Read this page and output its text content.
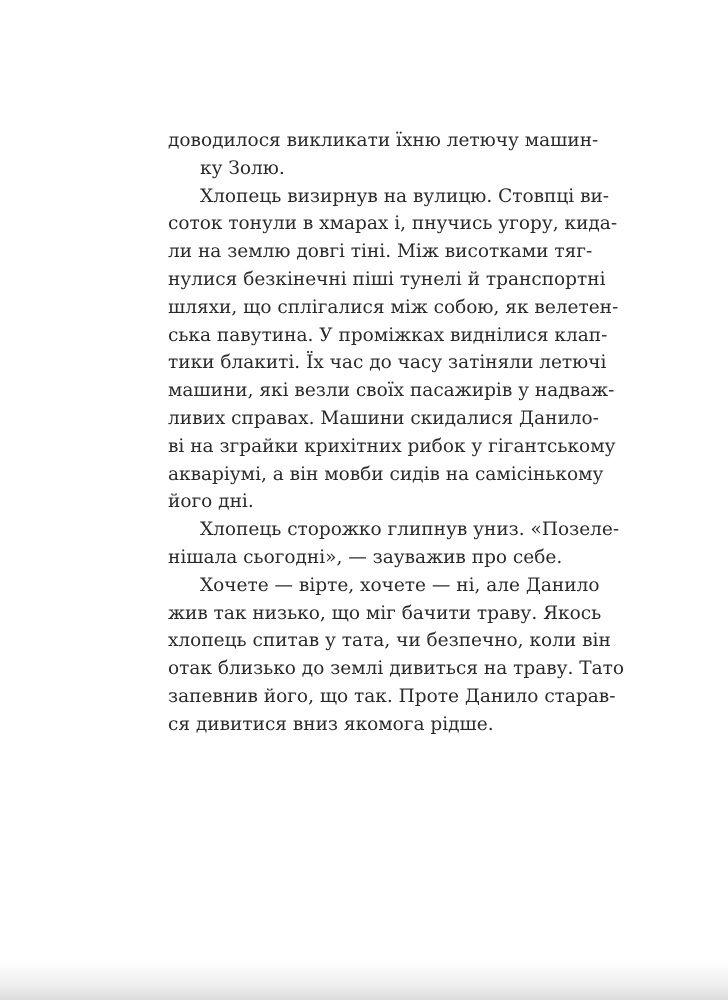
доводилося викликати їхню летючу машин-
ку Золю.
Хлопець визирнув на вулицю. Стовпці ви-
соток тонули в хмарах і, пнучись угору, кида-
ли на землю довгі тіні. Між висотками тяг-
нулися безкінечні піші тунелі й транспортні
шляхи, що сплігалися між собою, як велетен-
ська павутина. У проміжках виднілися клап-
тики блакиті. Їх час до часу затіняли летючі
машини, які везли своїх пасажирів у надваж-
ливих справах. Машини скидалися Данило-
ві на зграйки крихітних рибок у гігантському
акваріумі, а він мовби сидів на самісінькому
його дні.
Хлопець сторожко глипнув униз. «Позеле-
нішала сьогодні», — зауважив про себе.
Хочете — вірте, хочете — ні, але Данило
жив так низько, що міг бачити траву. Якось
хлопець спитав у тата, чи безпечно, коли він
отак близько до землі дивиться на траву. Тато
запевнив його, що так. Проте Данило старав-
ся дивитися вниз якомога рідше.
